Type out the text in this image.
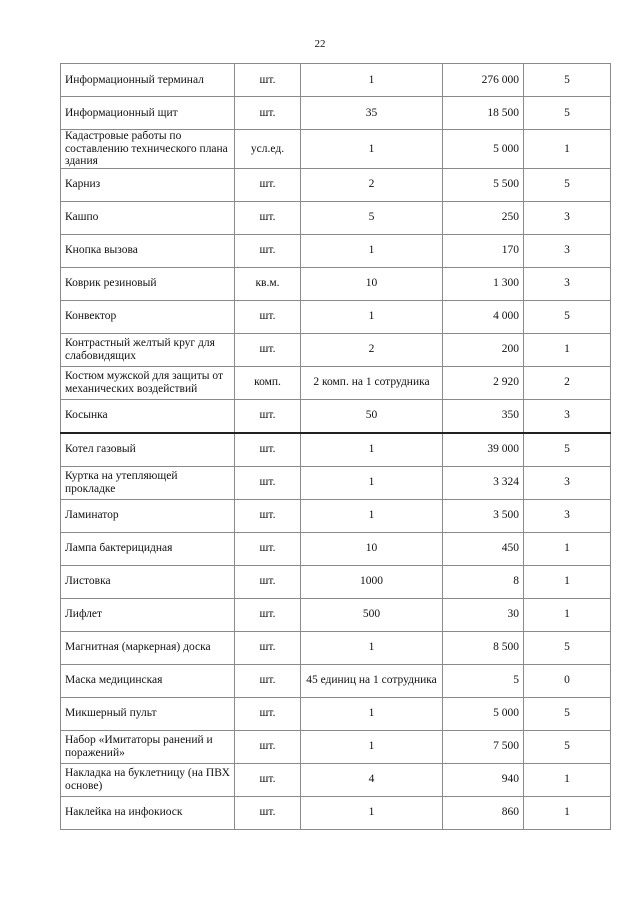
22
Информационный терминал	шт.	1	276 000	5
Информационный щит	шт.	35	18 500	5
Кадастровые работы по составлению технического плана здания	усл.ед.	1	5 000	1
Карниз	шт.	2	5 500	5
Кашпо	шт.	5	250	3
Кнопка вызова	шт.	1	170	3
Коврик резиновый	кв.м.	10	1 300	3
Конвектор	шт.	1	4 000	5
Контрастный желтый круг для слабовидящих	шт.	2	200	1
Костюм мужской для защиты от механических воздействий	комп.	2 комп. на 1 сотрудника	2 920	2
Косынка	шт.	50	350	3
Котел газовый	шт.	1	39 000	5
Куртка на утепляющей прокладке	шт.	1	3 324	3
Ламинатор	шт.	1	3 500	3
Лампа бактерицидная	шт.	10	450	1
Листовка	шт.	1000	8	1
Лифлет	шт.	500	30	1
Магнитная (маркерная) доска	шт.	1	8 500	5
Маска медицинская	шт.	45 единиц на 1 сотрудника	5	0
Микшерный пульт	шт.	1	5 000	5
Набор «Имитаторы ранений и поражений»	шт.	1	7 500	5
Накладка на буклетницу (на ПВХ основе)	шт.	4	940	1
Наклейка на инфокиоск	шт.	1	860	1
